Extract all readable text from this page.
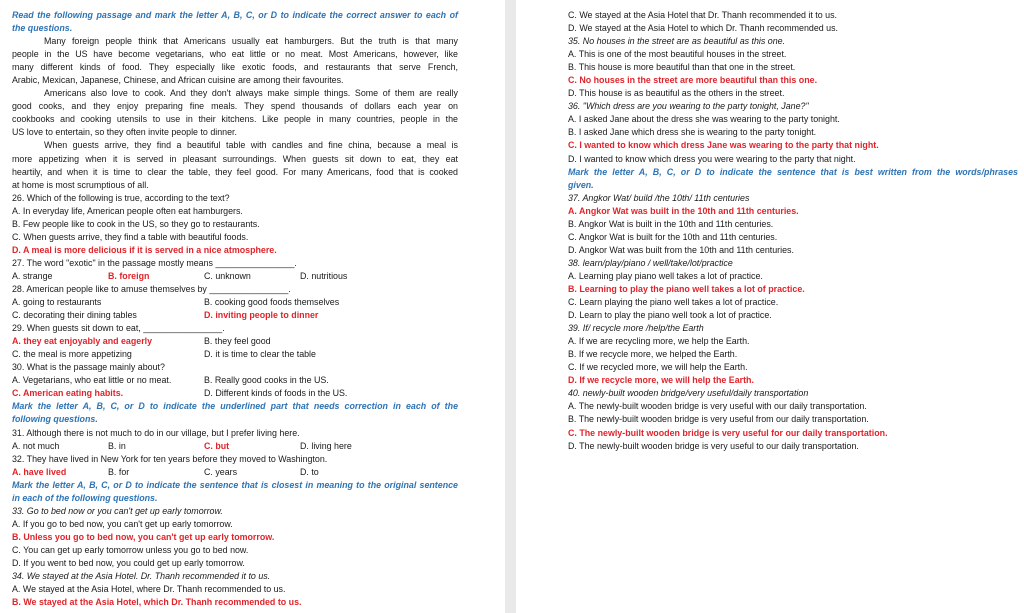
Read the following passage and mark the letter A, B, C, or D to indicate the correct answer to each of
the questions.
Many foreign people think that Americans usually eat hamburgers. But the truth is that many
people in the US have become vegetarians, who eat little or no meat. Most Americans, however, like
many different kinds of food. They especially like exotic foods, and restaurants that serve French,
Arabic, Mexican, Japanese, Chinese, and African cuisine are among their favourites.
Americans also love to cook. And they don't always make simple things. Some of them are really
good cooks, and they enjoy preparing fine meals. They spend thousands of dollars each year on
cookbooks and cooking utensils to use in their kitchens. Like people in many countries, people in the
US love to entertain, so they often invite people to dinner.
When guests arrive, they find a beautiful table with candles and fine china, because a meal is
more appetizing when it is served in pleasant surroundings. When guests sit down to eat, they eat
heartily, and when it is time to clear the table, they feel good. For many Americans, food that is cooked
at home is most scrumptious of all.
26. Which of the following is true, according to the text?
A. In everyday life, American people often eat hamburgers.
B. Few people like to cook in the US, so they go to restaurants.
C. When guests arrive, they find a table with beautiful foods.
D. A meal is more delicious if it is served in a nice atmosphere.
27. The word "exotic" in the passage mostly means ________________.
A. strange	B. foreign	C. unknown	D. nutritious
28. American people like to amuse themselves by ________________.
A. going to restaurants	B. cooking good foods themselves
C. decorating their dining tables	D. inviting people to dinner
29. When guests sit down to eat, ________________.
A. they eat enjoyably and eagerly	B. they feel good
C. the meal is more appetizing	D. it is time to clear the table
30. What is the passage mainly about?
A. Vegetarians, who eat little or no meat.	B. Really good cooks in the US.
C. American eating habits.	D. Different kinds of foods in the US.
Mark the letter A, B, C, or D to indicate the underlined part that needs correction in each of the
following questions.
31. Although there is not much to do in our village, but I prefer living here.
A. not much	B. in	C. but	D. living here
32. They have lived in New York for ten years before they moved to Washington.
A. have lived	B. for	C. years	D. to
Mark the letter A, B, C, or D to indicate the sentence that is closest in meaning to the original sentence
in each of the following questions.
33. Go to bed now or you can't get up early tomorrow.
A. If you go to bed now, you can't get up early tomorrow.
B. Unless you go to bed now, you can't get up early tomorrow.
C. You can get up early tomorrow unless you go to bed now.
D. If you went to bed now, you could get up early tomorrow.
34. We stayed at the Asia Hotel. Dr. Thanh recommended it to us.
A. We stayed at the Asia Hotel, where Dr. Thanh recommended to us.
B. We stayed at the Asia Hotel, which Dr. Thanh recommended to us.
C. We stayed at the Asia Hotel that Dr. Thanh recommended it to us.
D. We stayed at the Asia Hotel to which Dr. Thanh recommended us.
35. No houses in the street are as beautiful as this one.
A. This is one of the most beautiful houses in the street.
B. This house is more beautiful than that one in the street.
C. No houses in the street are more beautiful than this one.
D. This house is as beautiful as the others in the street.
36. "Which dress are you wearing to the party tonight, Jane?"
A. I asked Jane about the dress she was wearing to the party tonight.
B. I asked Jane which dress she is wearing to the party tonight.
C. I wanted to know which dress Jane was wearing to the party that night.
D. I wanted to know which dress you were wearing to the party that night.
Mark the letter A, B, C, or D to indicate the sentence that is best written from the words/phrases
given.
37. Angkor Wat/ build /the 10th/ 11th centuries
A. Angkor Wat was built in the 10th and 11th centuries.
B. Angkor Wat is built in the 10th and 11th centuries.
C. Angkor Wat is built for the 10th and 11th centuries.
D. Angkor Wat was built from the 10th and 11th centuries.
38. learn/play/piano / well/take/lot/practice
A. Learning play piano well takes a lot of practice.
B. Learning to play the piano well takes a lot of practice.
C. Learn playing the piano well takes a lot of practice.
D. Learn to play the piano well took a lot of practice.
39. If/ recycle more /help/the Earth
A. If we are recycling more, we help the Earth.
B. If we recycle more, we helped the Earth.
C. If we recycled more, we will help the Earth.
D. If we recycle more, we will help the Earth.
40. newly-built wooden bridge/very useful/daily transportation
A. The newly-built wooden bridge is very useful with our daily transportation.
B. The newly-built wooden bridge is very useful from our daily transportation.
C. The newly-built wooden bridge is very useful for our daily transportation.
D. The newly-built wooden bridge is very useful to our daily transportation.
